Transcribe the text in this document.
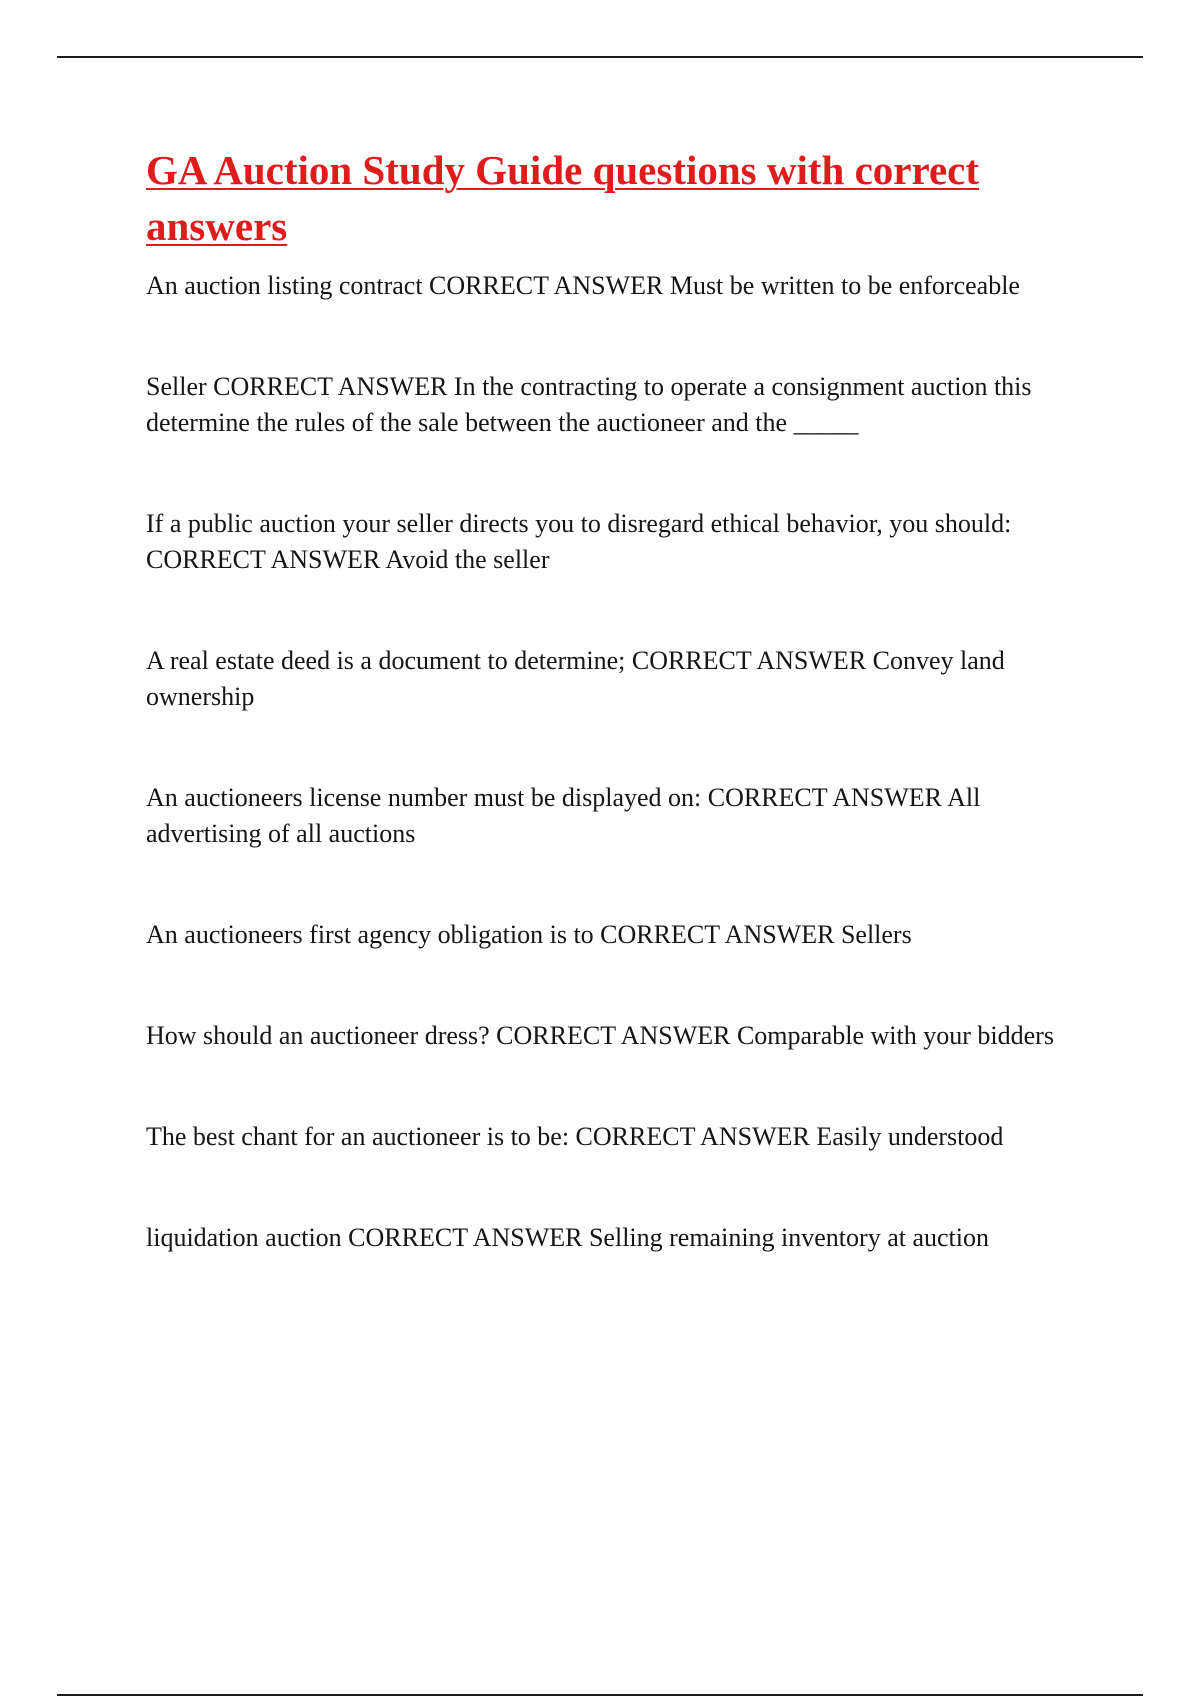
GA Auction Study Guide questions with correct answers
An auction listing contract CORRECT ANSWER Must be written to be enforceable
Seller CORRECT ANSWER In the contracting to operate a consignment auction this determine the rules of the sale between the auctioneer and the _____
If a public auction your seller directs you to disregard ethical behavior, you should: CORRECT ANSWER Avoid the seller
A real estate deed is a document to determine; CORRECT ANSWER Convey land ownership
An auctioneers license number must be displayed on: CORRECT ANSWER All advertising of all auctions
An auctioneers first agency obligation is to CORRECT ANSWER Sellers
How should an auctioneer dress? CORRECT ANSWER Comparable with your bidders
The best chant for an auctioneer is to be: CORRECT ANSWER Easily understood
liquidation auction CORRECT ANSWER Selling remaining inventory at auction
